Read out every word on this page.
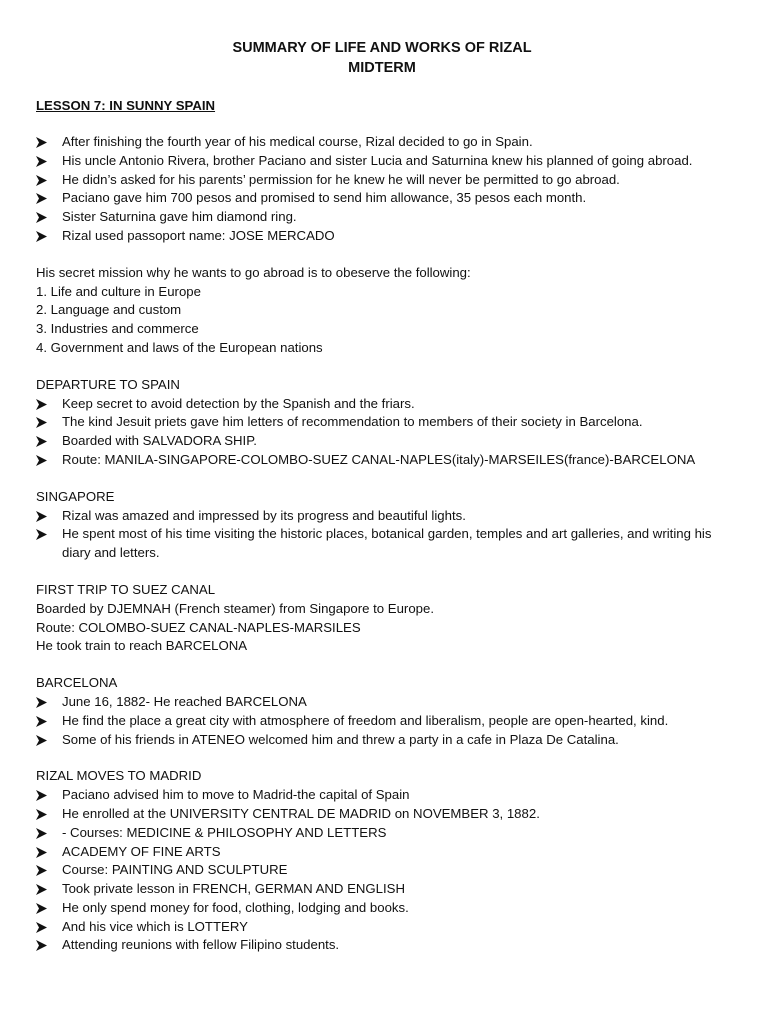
SUMMARY OF LIFE AND WORKS OF RIZAL
MIDTERM
LESSON 7: IN SUNNY SPAIN
After finishing the fourth year of his medical course, Rizal decided to go in Spain.
His uncle Antonio Rivera, brother Paciano and sister Lucia and Saturnina knew his planned of going abroad.
He didn’s asked for his parents’ permission for he knew he will never be permitted to go abroad.
Paciano gave him 700 pesos and promised to send him allowance, 35 pesos each month.
Sister Saturnina gave him diamond ring.
Rizal used passoport name: JOSE MERCADO
His secret mission why he wants to go abroad is to obeserve the following:
1. Life and culture in Europe
2. Language and custom
3. Industries and commerce
4. Government and laws of the European nations
DEPARTURE TO SPAIN
Keep secret to avoid detection by the Spanish and the friars.
The kind Jesuit priets gave him letters of recommendation to members of their society in Barcelona.
Boarded with SALVADORA SHIP.
Route: MANILA-SINGAPORE-COLOMBO-SUEZ CANAL-NAPLES(italy)-MARSEILES(france)-BARCELONA
SINGAPORE
Rizal was amazed and impressed by its progress and beautiful lights.
He spent most of his time visiting the historic places, botanical garden, temples and art galleries, and writing his diary and letters.
FIRST TRIP TO SUEZ CANAL
Boarded by DJEMNAH (French steamer) from Singapore to Europe.
Route: COLOMBO-SUEZ CANAL-NAPLES-MARSILES
He took train to reach BARCELONA
BARCELONA
June 16, 1882- He reached BARCELONA
He find the place a great city with atmosphere of freedom and liberalism, people are open-hearted, kind.
Some of his friends in ATENEO welcomed him and threw a party in a cafe in Plaza De Catalina.
RIZAL MOVES TO MADRID
Paciano advised him to move to Madrid-the capital of Spain
He enrolled at the UNIVERSITY CENTRAL DE MADRID on NOVEMBER 3, 1882.
- Courses: MEDICINE & PHILOSOPHY AND LETTERS
ACADEMY OF FINE ARTS
Course: PAINTING AND SCULPTURE
Took private lesson in FRENCH, GERMAN AND ENGLISH
He only spend money for food, clothing, lodging and books.
And his vice which is LOTTERY
Attending reunions with fellow Filipino students.
